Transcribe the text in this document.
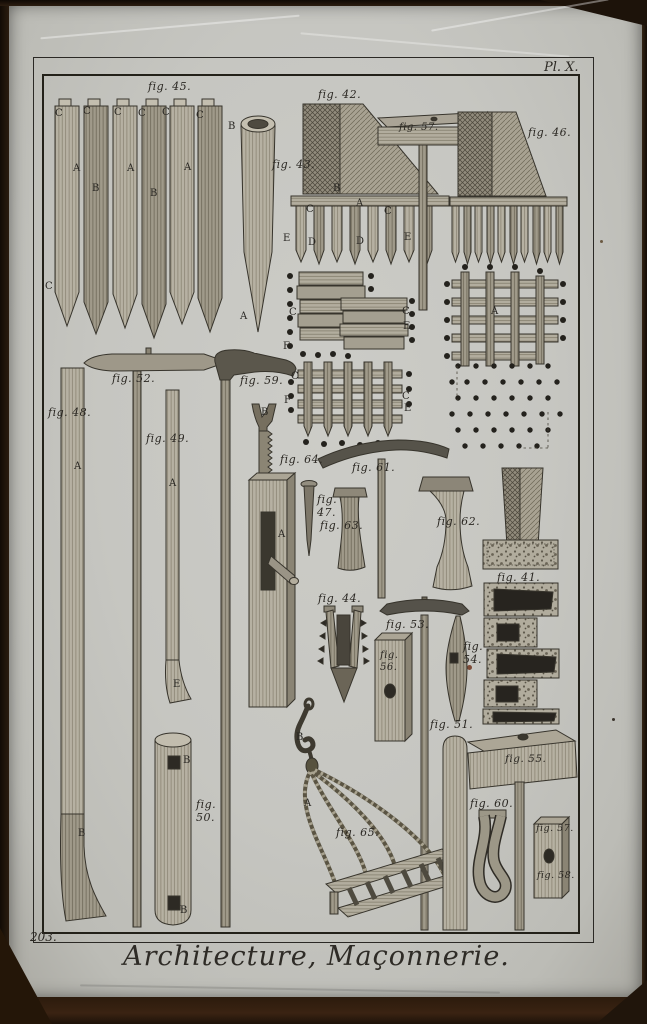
fig. 45.
fig. 42.
fig. 57.	fig. 46.
fig. 43.
fig. 52.	fig. 59.
fig. 48.
fig. 49.
fig. 64.
fig. 61.
fig.
47.
fig. 63.	fig. 62.
fig. 41.
fig. 44.
fig. 53.
fig.
56.
fig.
54.
fig. 51.
fig. 55.
fig.
50.
fig. 65.
fig. 60.
fig. 57.
fig. 58.
C C C C C	C
A	A	A
B	B
C
B
A
B
A
C	C
D	D
E	E
C	C
E
F
C
F	C
E
A
A
B
A
E
B
A
B
A
B
B
Pl. X.
203.
Architecture, Maçonnerie.
